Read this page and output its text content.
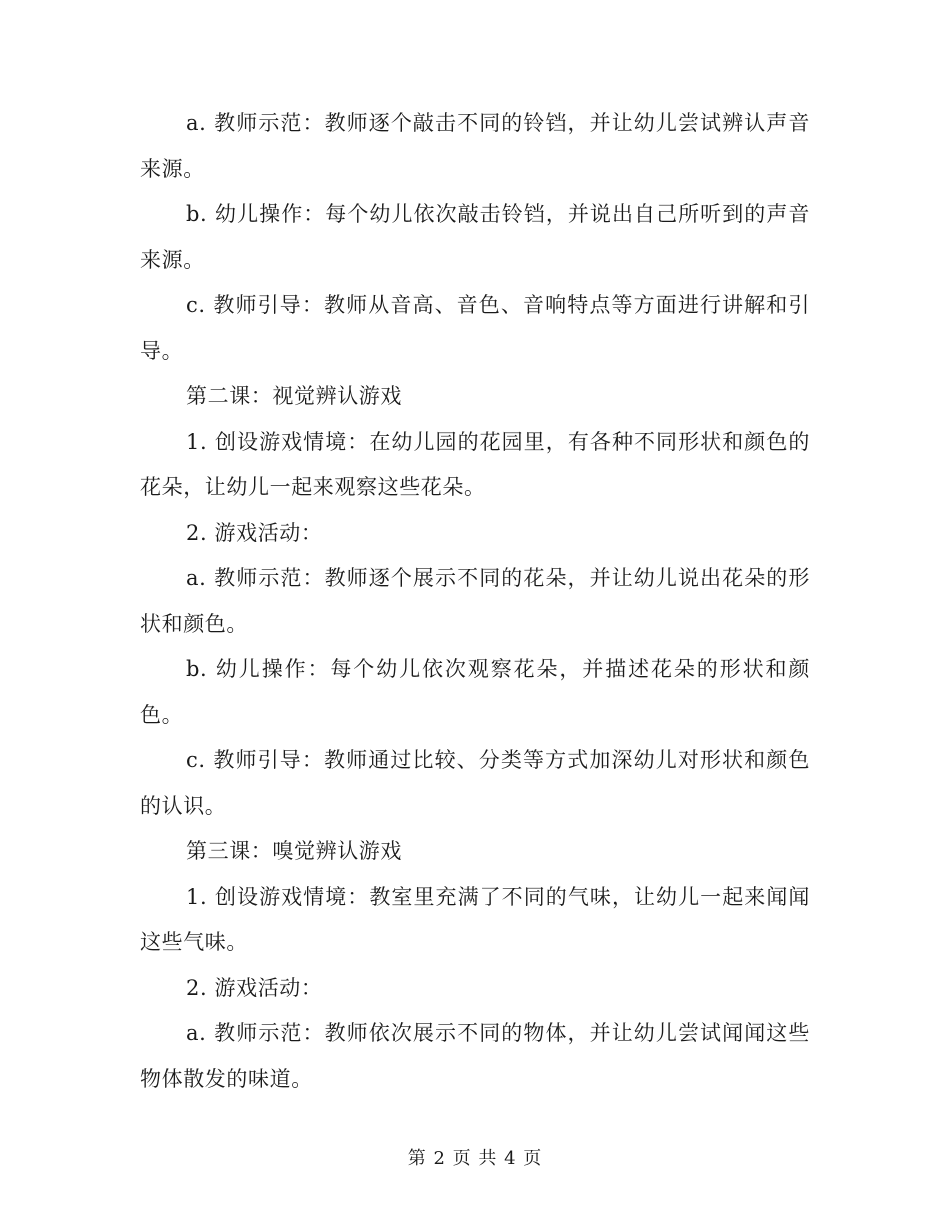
a. 教师示范：教师逐个敲击不同的铃铛，并让幼儿尝试辨认声音来源。

b. 幼儿操作：每个幼儿依次敲击铃铛，并说出自己所听到的声音来源。

c. 教师引导：教师从音高、音色、音响特点等方面进行讲解和引导。

第二课：视觉辨认游戏

1. 创设游戏情境：在幼儿园的花园里，有各种不同形状和颜色的花朵，让幼儿一起来观察这些花朵。

2. 游戏活动：

a. 教师示范：教师逐个展示不同的花朵，并让幼儿说出花朵的形状和颜色。

b. 幼儿操作：每个幼儿依次观察花朵，并描述花朵的形状和颜色。

c. 教师引导：教师通过比较、分类等方式加深幼儿对形状和颜色的认识。

第三课：嗅觉辨认游戏

1. 创设游戏情境：教室里充满了不同的气味，让幼儿一起来闻闻这些气味。

2. 游戏活动：

a. 教师示范：教师依次展示不同的物体，并让幼儿尝试闻闻这些物体散发的味道。

第 2 页 共 4 页
